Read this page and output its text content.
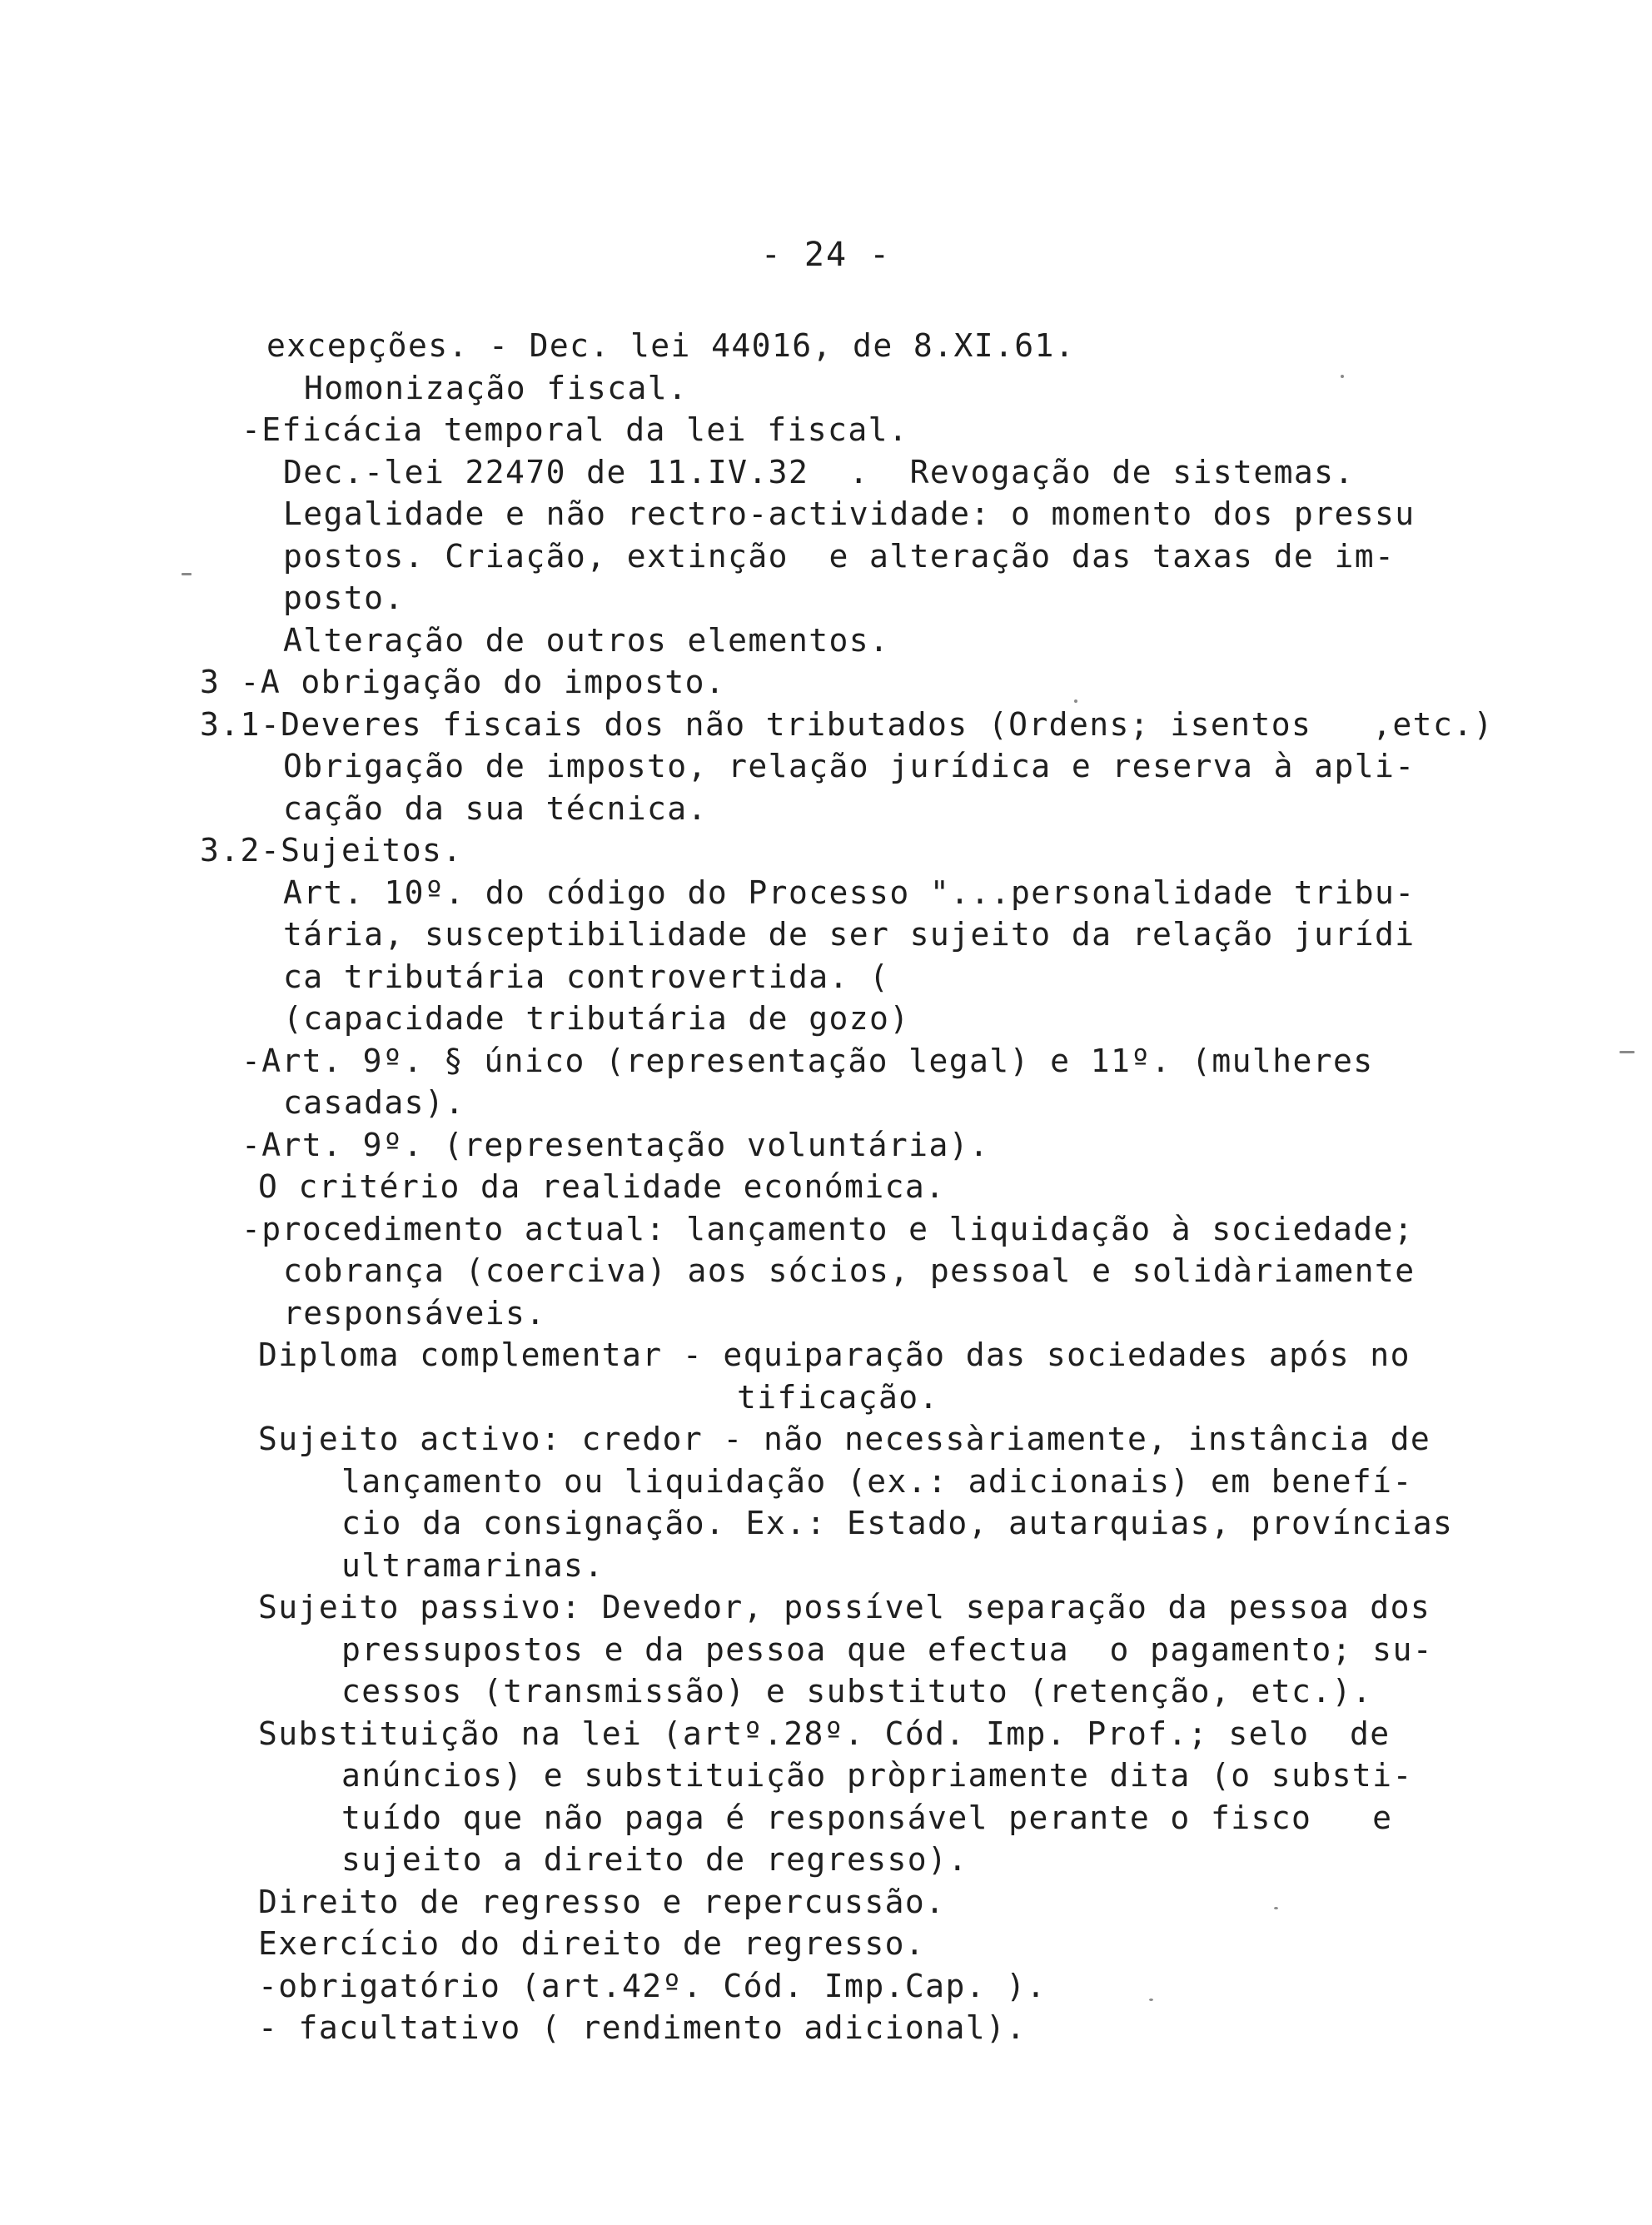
- 24 -
excepções. - Dec. lei 44016, de 8.XI.61.
Homonização fiscal.
-Eficácia temporal da lei fiscal.
Dec.-lei 22470 de 11.IV.32  .  Revogação de sistemas.
Legalidade e não rectro-actividade: o momento dos pressu
postos. Criação, extinção  e alteração das taxas de im-
posto.
Alteração de outros elementos.
3 -A obrigação do imposto.
3.1-Deveres fiscais dos não tributados (Ordens; isentos   ,etc.)
Obrigação de imposto, relação jurídica e reserva à apli-
cação da sua técnica.
3.2-Sujeitos.
Art. 10º. do código do Processo "...personalidade tribu-
tária, susceptibilidade de ser sujeito da relação jurídi
ca tributária controvertida. (
(capacidade tributária de gozo)
-Art. 9º. § único (representação legal) e 11º. (mulheres
casadas).
-Art. 9º. (representação voluntária).
O critério da realidade económica.
-procedimento actual: lançamento e liquidação à sociedade;
cobrança (coerciva) aos sócios, pessoal e solidàriamente
responsáveis.
Diploma complementar - equiparação das sociedades após no
tificação.
Sujeito activo: credor - não necessàriamente, instância de
lançamento ou liquidação (ex.: adicionais) em benefí-
cio da consignação. Ex.: Estado, autarquias, províncias
ultramarinas.
Sujeito passivo: Devedor, possível separação da pessoa dos
pressupostos e da pessoa que efectua  o pagamento; su-
cessos (transmissão) e substituto (retenção, etc.).
Substituição na lei (artº.28º. Cód. Imp. Prof.; selo  de
anúncios) e substituição pròpriamente dita (o substi-
tuído que não paga é responsável perante o fisco   e
sujeito a direito de regresso).
Direito de regresso e repercussão.
Exercício do direito de regresso.
-obrigatório (art.42º. Cód. Imp.Cap. ).
- facultativo ( rendimento adicional).
